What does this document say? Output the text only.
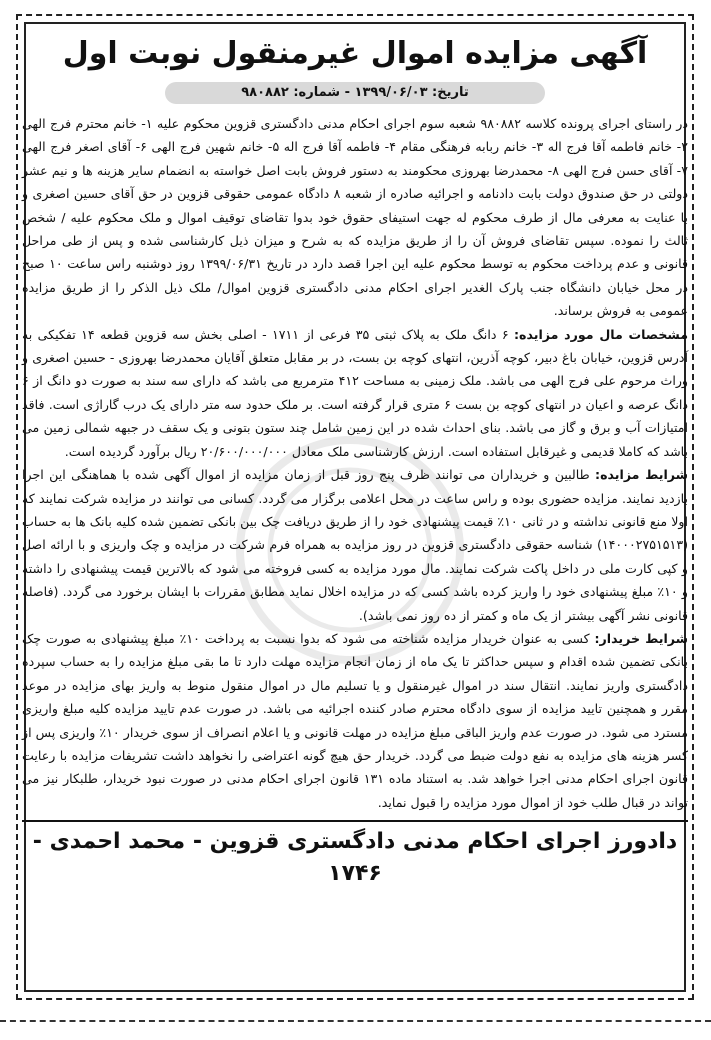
آگهی مزایده اموال غیرمنقول نوبت اول
تاریخ: ۱۳۹۹/۰۶/۰۳ - شماره: ۹۸۰۸۸۲

در راستای اجرای پرونده کلاسه ۹۸۰۸۸۲ شعبه سوم اجرای احکام مدنی دادگستری قزوین محکوم علیه ۱- خانم محترم فرج الهی ۲- خانم فاطمه آقا فرج اله ۳- خانم ربابه فرهنگی مقام ۴- فاطمه آقا فرج اله ۵- خانم شهین فرج الهی ۶- آقای اصغر فرج الهی ۷- آقای حسن فرج الهی ۸- محمدرضا بهروزی محکومند به دستور فروش بابت اصل خواسته به انضمام سایر هزینه ها و نیم عشر دولتی در حق صندوق دولت بابت دادنامه و اجرائیه صادره از شعبه ۸ دادگاه عمومی حقوقی قزوین در حق آقای حسین اصغری و با عنایت به معرفی مال از طرف محکوم له جهت استیفای حقوق خود بدوا تقاضای توقیف اموال و ملک محکوم علیه / شخص ثالث را نموده. سپس تقاضای فروش آن را از طریق مزایده که به شرح و میزان ذیل کارشناسی شده و پس از طی مراحل قانونی و عدم پرداخت محکوم به توسط محکوم علیه این اجرا قصد دارد در تاریخ ۱۳۹۹/۰۶/۳۱ روز دوشنبه راس ساعت ۱۰ صبح در محل خیابان دانشگاه جنب پارک الغدیر اجرای احکام مدنی دادگستری قزوین اموال/ ملک ذیل الذکر را از طریق مزایده عمومی به فروش برساند.

مشخصات مال مورد مزایده: ۶ دانگ ملک به پلاک ثبتی ۳۵ فرعی از ۱۷۱۱ - اصلی بخش سه قزوین قطعه ۱۴ تفکیکی به آدرس قزوین، خیابان باغ دبیر، کوچه آذرین، انتهای کوچه بن بست، در بر مقابل متعلق آقایان محمدرضا بهروزی - حسین اصغری و وراث مرحوم علی فرج الهی می باشد. ملک زمینی به مساحت ۴۱۲ مترمربع می باشد که دارای سه سند به صورت دو دانگ از ۶ دانگ عرصه و اعیان در انتهای کوچه بن بست ۶ متری قرار گرفته است. بر ملک حدود سه متر دارای یک درب گاراژی است. فاقد امتیازات آب و برق و گاز می باشد. بنای احداث شده در این زمین شامل چند ستون بتونی و یک سقف در جبهه شمالی زمین می باشد که کاملا قدیمی و غیرقابل استفاده است. ارزش کارشناسی ملک معادل ۲۰/۶۰۰/۰۰۰/۰۰۰ ریال برآورد گردیده است.

شرایط مزایده: طالبین و خریداران می توانند ظرف پنج روز قبل از زمان مزایده از اموال آگهی شده با هماهنگی این اجرا بازدید نمایند. مزایده حضوری بوده و راس ساعت در محل اعلامی برگزار می گردد. کسانی می توانند در مزایده شرکت نمایند که اولا منع قانونی نداشته و در ثانی ۱۰٪ قیمت پیشنهادی خود را از طریق دریافت چک بین بانکی تضمین شده کلیه بانک ها به حساب (۱۴۰۰۰۲۷۵۱۵۱۳) شناسه حقوقی دادگستری قزوین در روز مزایده به همراه فرم شرکت در مزایده و چک واریزی و با ارائه اصل و کپی کارت ملی در داخل پاکت شرکت نمایند. مال مورد مزایده به کسی فروخته می شود که بالاترین قیمت پیشنهادی را داشته و ۱۰٪ مبلغ پیشنهادی خود را واریز کرده باشد کسی که در مزایده اخلال نماید مطابق مقررات با ایشان برخورد می گردد. (فاصله قانونی نشر آگهی بیشتر از یک ماه و کمتر از ده روز نمی باشد).

شرایط خریدار: کسی به عنوان خریدار مزایده شناخته می شود که بدوا نسبت به پرداخت ۱۰٪ مبلغ پیشنهادی به صورت چک بانکی تضمین شده اقدام و سپس حداکثر تا یک ماه از زمان انجام مزایده مهلت دارد تا ما بقی مبلغ مزایده را به حساب سپرده دادگستری واریز نمایند. انتقال سند در اموال غیرمنقول و یا تسلیم مال در اموال منقول منوط به واریز بهای مزایده در موعد مقرر و همچنین تایید مزایده از سوی دادگاه محترم صادر کننده اجرائیه می باشد. در صورت عدم تایید مزایده کلیه مبلغ واریزی مسترد می شود. در صورت عدم واریز الباقی مبلغ مزایده در مهلت قانونی و یا اعلام انصراف از سوی خریدار ۱۰٪ واریزی پس از کسر هزینه های مزایده به نفع دولت ضبط می گردد. خریدار حق هیچ گونه اعتراضی را نخواهد داشت تشریفات مزایده با رعایت قانون اجرای احکام مدنی اجرا خواهد شد. به استناد ماده ۱۳۱ قانون اجرای احکام مدنی در صورت نبود خریدار، طلبکار نیز می تواند در قبال طلب خود از اموال مورد مزایده را قبول نماید.

دادورز اجرای احکام مدنی دادگستری قزوین - محمد احمدی - ۱۷۴۶
